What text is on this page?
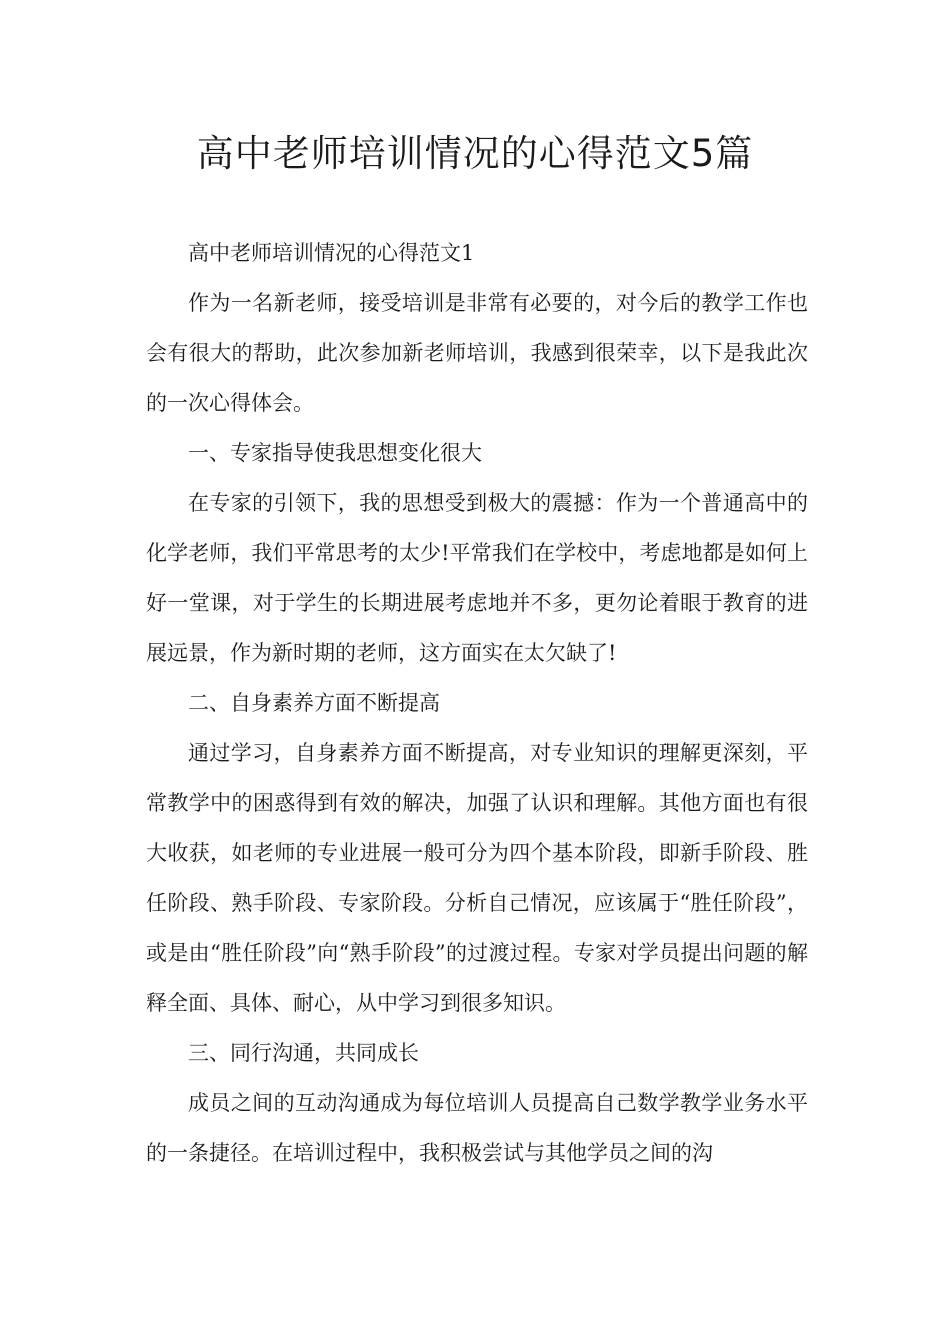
高中老师培训情况的心得范文5篇

高中老师培训情况的心得范文1

作为一名新老师，接受培训是非常有必要的，对今后的教学工作也会有很大的帮助，此次参加新老师培训，我感到很荣幸，以下是我此次的一次心得体会。

一、专家指导使我思想变化很大

在专家的引领下，我的思想受到极大的震撼：作为一个普通高中的化学老师，我们平常思考的太少!平常我们在学校中，考虑地都是如何上好一堂课，对于学生的长期进展考虑地并不多，更勿论着眼于教育的进展远景，作为新时期的老师，这方面实在太欠缺了!

二、自身素养方面不断提高

通过学习，自身素养方面不断提高，对专业知识的理解更深刻，平常教学中的困惑得到有效的解决，加强了认识和理解。其他方面也有很大收获，如老师的专业进展一般可分为四个基本阶段，即新手阶段、胜任阶段、熟手阶段、专家阶段。分析自己情况，应该属于“胜任阶段”，或是由“胜任阶段”向“熟手阶段”的过渡过程。专家对学员提出问题的解释全面、具体、耐心，从中学习到很多知识。

三、同行沟通，共同成长

成员之间的互动沟通成为每位培训人员提高自己数学教学业务水平的一条捷径。在培训过程中，我积极尝试与其他学员之间的沟
